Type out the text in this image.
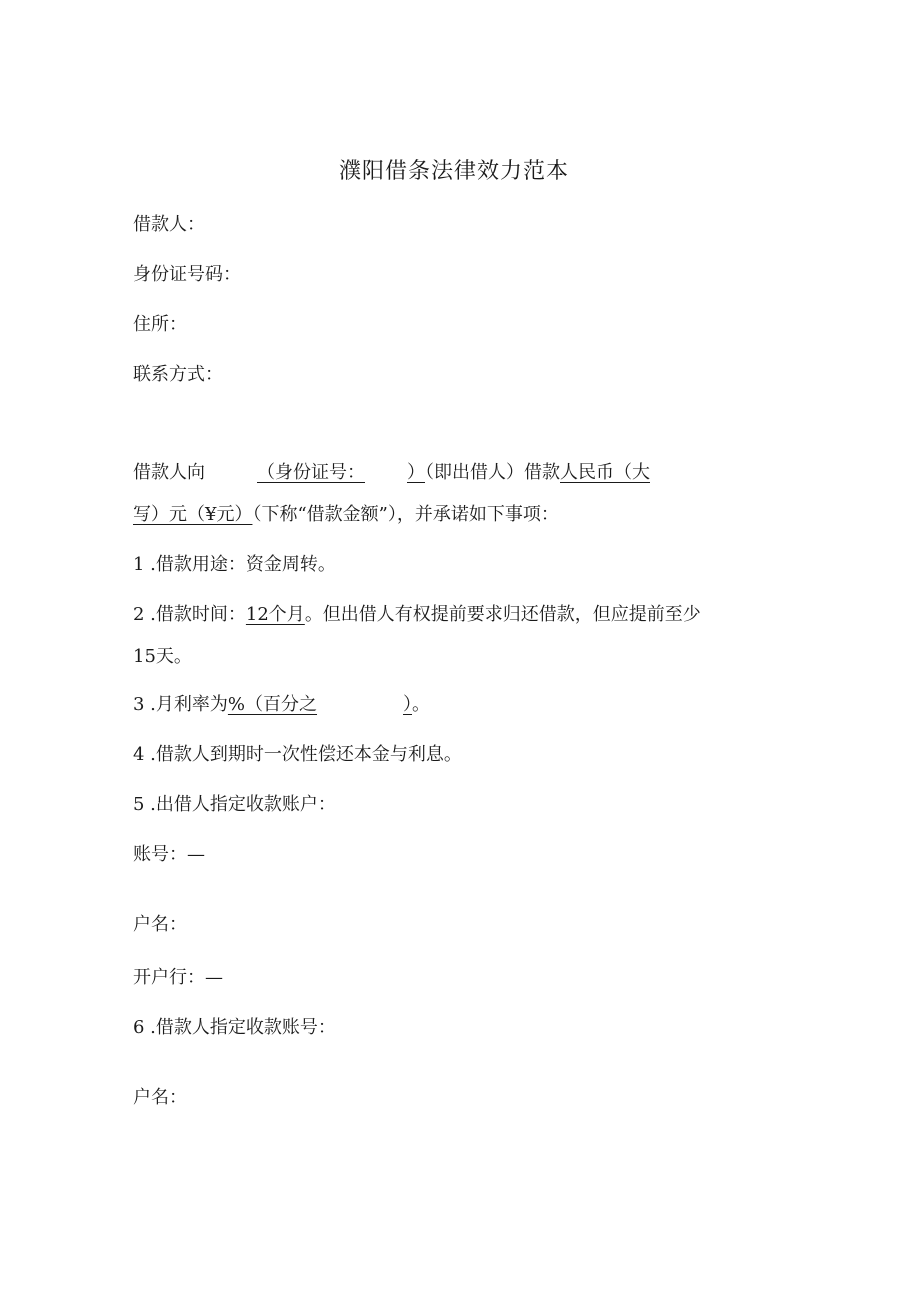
濮阳借条法律效力范本
借款人：
身份证号码：
住所：
联系方式：
借款人向	（身份证号： ）（即出借人）借款人民币（大
写）元（¥元）（下称“借款金额”），并承诺如下事项：
1 .借款用途：资金周转。
2 .借款时间：12个月。但出借人有权提前要求归还借款，但应提前至少
15天。
3 .月利率为%（百分之	）。
4 .借款人到期时一次性偿还本金与利息。
5 .出借人指定收款账户：
账号：—
户名：
开户行：—
6 .借款人指定收款账号：
户名：
